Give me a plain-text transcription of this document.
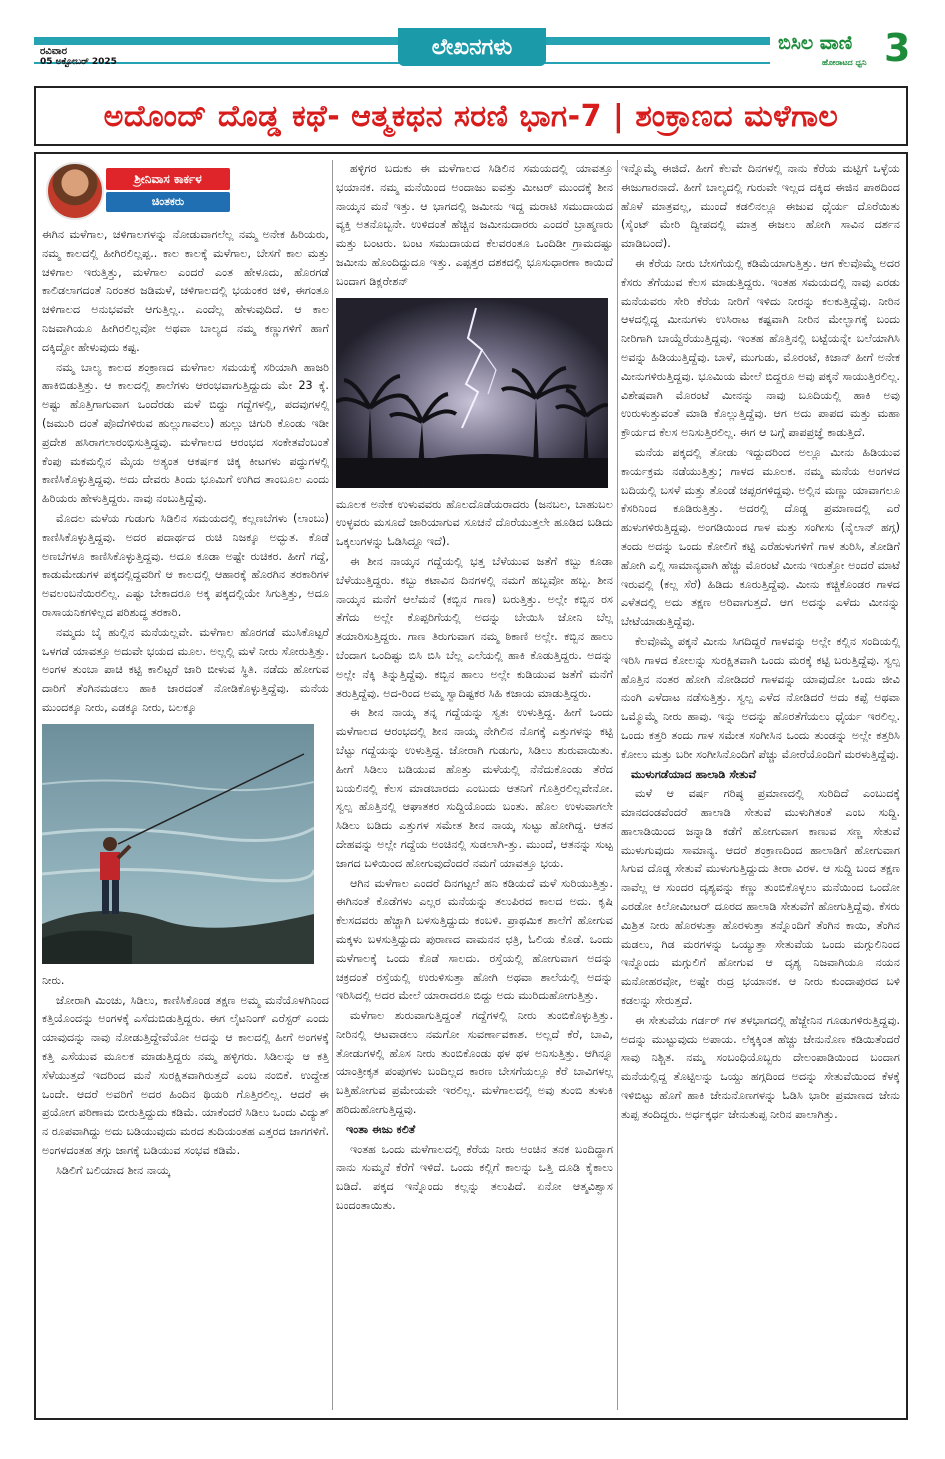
ರವಿವಾರ
05 ಅಕ್ಟೋಬರ್ 2025
ಲೇಖನಗಳು	ಬಿಸಿಲ ವಾಣಿ
ಹೋರಾಟದ ಧ್ವನಿ 3
ಅದೊಂದ್ ದೊಡ್ಡ ಕಥೆ- ಆತ್ಮಕಥನ ಸರಣಿ ಭಾಗ-7 | ಶಂಕ್ರಾಣದ ಮಳೆಗಾಲ
ಶ್ರೀನಿವಾಸ ಕಾರ್ಕಳ
ಚಿಂತಕರು

ಈಗಿನ ಮಳೆಗಾಲ, ಚಳಿಗಾಲಗಳನ್ನು ನೋಡುವಾಗಲೆಲ್ಲ ನಮ್ಮ ಅನೇಕ ಹಿರಿಯರು, ನಮ್ಮ ಕಾಲದಲ್ಲಿ ಹೀಗಿರಲಿಲ್ಲಪ್ಪ.. ಕಾಲ ಕಾಲಕ್ಕೆ ಮಳೆಗಾಲ, ಬೇಸಗೆ ಕಾಲ ಮತ್ತು ಚಳಿಗಾಲ ಇರುತ್ತಿತ್ತು, ಮಳೆಗಾಲ ಎಂದರೆ ಎಂತ ಹೇಳೂದು, ಹೊರಗಡೆ ಕಾಲಿಡಲಾಗದಂತೆ ನಿರಂತರ ಜಡಿಮಳೆ, ಚಳಿಗಾಲದಲ್ಲಿ ಭಯಂಕರ ಚಳಿ, ಈಗಂತೂ ಚಳಿಗಾಲದ ಅನುಭವವೇ ಆಗುತ್ತಿಲ್ಲ.. ಎಂದೆಲ್ಲ ಹೇಳುವುದಿದೆ. ಆ ಕಾಲ ನಿಜವಾಗಿಯೂ ಹೀಗಿರಲಿಲ್ಲವೋ ಅಥವಾ ಬಾಲ್ಯದ ನಮ್ಮ ಕಣ್ಣುಗಳಿಗೆ ಹಾಗೆ ದಕ್ಕಿದ್ದೋ ಹೇಳುವುದು ಕಷ್ಟ.

ನಮ್ಮ ಬಾಲ್ಯ ಕಾಲದ ಶಂಕ್ರಾಣದ ಮಳೆಗಾಲ ಸಮಯಕ್ಕೆ ಸರಿಯಾಗಿ ಹಾಜರಿ ಹಾಕಿಬಿಡುತ್ತಿತ್ತು. ಆ ಕಾಲದಲ್ಲಿ ಶಾಲೆಗಳು ಆರಂಭವಾಗುತ್ತಿದ್ದುದು ಮೇ 23 ಕ್ಕೆ. ಅಷ್ಟು ಹೊತ್ತಿಗಾಗುವಾಗ ಒಂದೆರಡು ಮಳೆ ಬಿದ್ದು ಗದ್ದೆಗಳಲ್ಲಿ, ಪದವುಗಳಲ್ಲಿ (ಜಮುರಿ ದಂತೆ ಪೊದೆಗಳಿರುವ ಹುಲ್ಲುಗಾವಲು) ಹುಲ್ಲು ಚಿಗುರಿ ಕೊಂಡು ಇಡೀ ಪ್ರದೇಶ ಹಸಿರಾಗಲಾರಂಭಿಸುತ್ತಿದ್ದವು. ಮಳೆಗಾಲದ ಆರಂಭದ ಸಂಕೇತವೆಂಬಂತೆ ಕೆಂಪು ಮಕಮಲ್ಲಿನ ಮೈಯ ಅತ್ಯಂತ ಆಕರ್ಷಕ ಚಿಕ್ಕ ಕೀಟಗಳು ಪದ್ಧುಗಳಲ್ಲಿ ಕಾಣಿಸಿಕೊಳ್ಳುತ್ತಿದ್ದವು. ಅದು ದೇವರು ತಿಂದು ಭೂಮಿಗೆ ಉಗಿದ ತಾಂಬೂಲ ಎಂದು ಹಿರಿಯರು ಹೇಳುತ್ತಿದ್ದರು. ನಾವು ನಂಬುತ್ತಿದ್ದೆವು.

ಮೊದಲ ಮಳೆಯ ಗುಡುಗು ಸಿಡಿಲಿನ ಸಮಯದಲ್ಲಿ ಕಲ್ಲಣಬೆಗಳು (ಲಾಂಬು) ಕಾಣಿಸಿಕೊಳ್ಳುತ್ತಿದ್ದವು. ಅದರ ಪದಾರ್ಥದ ರುಚಿ ನಿಜಕ್ಕೂ ಅದ್ಭುತ. ಕೊಡೆ ಅಣಬೆಗಳೂ ಕಾಣಿಸಿಕೊಳ್ಳುತ್ತಿದ್ದವು. ಅದೂ ಕೂಡಾ ಅಷ್ಟೇ ರುಚಿಕರ. ಹೀಗೆ ಗದ್ದೆ, ಕಾಡುಮೇಡುಗಳ ಪಕ್ಕದಲ್ಲಿದ್ದವರಿಗೆ ಆ ಕಾಲದಲ್ಲಿ ಆಹಾರಕ್ಕೆ ಹೊರಗಿನ ತರಕಾರಿಗಳ ಅವಲಂಬನೆಯಿರಲಿಲ್ಲ. ಎಷ್ಟು ಬೇಕಾದರೂ ಅಕ್ಕ ಪಕ್ಕದಲ್ಲಿಯೇ ಸಿಗುತ್ತಿತ್ತು, ಅದೂ ರಾಸಾಯನಿಕಗಳಿಲ್ಲದ ಪರಿಶುದ್ಧ ತರಕಾರಿ.

ನಮ್ಮದು ಬೈ ಹುಲ್ಲಿನ ಮನೆಯಲ್ಲವೇ. ಮಳೆಗಾಲ ಹೊರಗಡೆ ಮುಸಿಕೊಟ್ಟರೆ ಒಳಗಡೆ ಯಾವತ್ತೂ ಅದುವೇ ಭಯದ ಮೂಲ. ಅಲ್ಲಲ್ಲಿ ಮಳೆ ನೀರು ಸೋರುತ್ತಿತ್ತು. ಅಂಗಳ ತುಂಬಾ ಪಾಚಿ ಕಟ್ಟಿ ಕಾಲಿಟ್ಟರೆ ಜಾರಿ ಬೀಳುವ ಸ್ಥಿತಿ. ನಡೆದು ಹೋಗುವ ದಾರಿಗೆ ತೆಂಗಿನಮಡಲು ಹಾಕಿ ಜಾರದಂತೆ ನೋಡಿಕೊಳ್ಳುತ್ತಿದ್ದೆವು. ಮನೆಯ ಮುಂದಕ್ಕೂ ನೀರು, ಎಡಕ್ಕೂ ನೀರು, ಬಲಕ್ಕೂ

ನೀರು.

ಜೋರಾಗಿ ಮಿಂಚು, ಸಿಡಿಲು, ಕಾಣಿಸಿಕೊಂಡ ತಕ್ಷಣ ಅಮ್ಮ ಮನೆಯೊಳಗಿನಿಂದ ಕತ್ತಿಯೊಂದನ್ನು ಅಂಗಳಕ್ಕೆ ಎಸೆದುಬಿಡುತ್ತಿದ್ದರು. ಈಗ ಲೈಟನಿಂಗ್ ಎರೆಸ್ಟರ್ ಎಂದು ಯಾವುದನ್ನು ನಾವು ನೋಡುತ್ತಿದ್ದೇವೆಯೋ ಅದನ್ನು ಆ ಕಾಲದಲ್ಲಿ ಹೀಗೆ ಅಂಗಳಕ್ಕೆ ಕತ್ತಿ ಎಸೆಯುವ ಮೂಲಕ ಮಾಡುತ್ತಿದ್ದರು ನಮ್ಮ ಹಳ್ಳಿಗರು. ಸಿಡಿಲನ್ನು ಆ ಕತ್ತಿ ಸೆಳೆಯುತ್ತದೆ ಇದರಿಂದ ಮನೆ ಸುರಕ್ಷಿತವಾಗಿರುತ್ತದೆ ಎಂಬ ನಂಬಿಕೆ. ಉದ್ದೇಶ ಒಂದೇ. ಆದರೆ ಅವರಿಗೆ ಅದರ ಹಿಂದಿನ ಥಿಯರಿ ಗೊತ್ತಿರಲಿಲ್ಲ. ಆದರೆ ಈ ಪ್ರಯೋಗ ಪರಿಣಾಮ ಬೀರುತ್ತಿದ್ದುದು ಕಡಿಮೆ. ಯಾಕೆಂದರೆ ಸಿಡಿಲು ಒಂದು ವಿದ್ಯುತ್ ನ ರೂಪವಾಗಿದ್ದು ಅದು ಬಡಿಯುವುದು ಮರದ ತುದಿಯಂತಹ ಎತ್ತರದ ಜಾಗಗಳಿಗೆ. ಅಂಗಳದಂತಹ ತಗ್ಗು ಜಾಗಕ್ಕೆ ಬಡಿಯುವ ಸಂಭವ ಕಡಿಮೆ.

ಸಿಡಿಲಿಗೆ ಬಲಿಯಾದ ಶೀನ ನಾಯ್ಕ

ಹಳ್ಳಿಗರ ಬದುಕು ಈ ಮಳೆಗಾಲದ ಸಿಡಿಲಿನ ಸಮಯದಲ್ಲಿ ಯಾವತ್ತೂ ಭಯಾನಕ. ನಮ್ಮ ಮನೆಯಿಂದ ಅಂದಾಜು ಐವತ್ತು ಮೀಟರ್ ಮುಂದಕ್ಕೆ ಶೀನ ನಾಯ್ಕನ ಮನೆ ಇತ್ತು. ಆ ಭಾಗದಲ್ಲಿ ಜಮೀನು ಇದ್ದ ಮರಾಟಿ ಸಮುದಾಯದ ವ್ಯಕ್ತಿ ಅತನೊಬ್ಬನೇ. ಉಳಿದಂತೆ ಹೆಚ್ಚಿನ ಜಮೀನುದಾರರು ಎಂದರೆ ಬ್ರಾಹ್ಮಣರು ಮತ್ತು ಬಂಟರು. ಬಂಟ ಸಮುದಾಯದ ಕೆಲವರಂತೂ ಒಂದಿಡೀ ಗ್ರಾಮದಷ್ಟು ಜಮೀನು ಹೊಂದಿದ್ದುದೂ ಇತ್ತು. ಎಪ್ಪತ್ತರ ದಶಕದಲ್ಲಿ ಭೂಸುಧಾರಣಾ ಕಾಯಿದೆ ಬಂದಾಗ ಡಿಕ್ಲರೇಶನ್

ಮೂಲಕ ಅನೇಕ ಉಳುವವರು ಹೊಲದೊಡೆಯರಾದರು (ಜನಬಲ, ಬಾಹುಬಲ ಉಳ್ಳವರು ಮಸೂದೆ ಜಾರಿಯಾಗುವ ಸೂಚನೆ ದೊರೆಯುತ್ತಲೇ ಹೂಡಿದ ಬಡಿದು ಒಕ್ಕಲುಗಳನ್ನು ಓಡಿಸಿದ್ದೂ ಇದೆ).

ಈ ಶೀನ ನಾಯ್ಕನ ಗದ್ದೆಯಲ್ಲಿ ಭತ್ತ ಬೆಳೆಯುವ ಜತೆಗೆ ಕಬ್ಬು ಕೂಡಾ ಬೆಳೆಯುತ್ತಿದ್ದರು. ಕಬ್ಬು ಕಟಾವಿನ ದಿನಗಳಲ್ಲಿ ನಮಗೆ ಹಬ್ಬವೋ ಹಬ್ಬ. ಶೀನ ನಾಯ್ಕನ ಮನೆಗೆ ಆಲೆಮನೆ (ಕಬ್ಬಿನ ಗಾಣ) ಬರುತ್ತಿತ್ತು. ಅಲ್ಲೇ ಕಬ್ಬಿನ ರಸ ತೆಗೆದು ಅಲ್ಲೇ ಕೊಪ್ಪರಿಗೆಯಲ್ಲಿ ಅದನ್ನು ಬೇಯಿಸಿ ಜೋನಿ ಬೆಲ್ಲ ತಯಾರಿಸುತ್ತಿದ್ದರು. ಗಾಣ ತಿರುಗುವಾಗ ನಮ್ಮ ಠಿಕಾಣಿ ಅಲ್ಲೇ. ಕಬ್ಬಿನ ಹಾಲು ಬೆಂದಾಗ ಒಂದಿಷ್ಟು ಬಿಸಿ ಬಿಸಿ ಬೆಲ್ಲ ಎಲೆಯಲ್ಲಿ ಹಾಕಿ ಕೊಡುತ್ತಿದ್ದರು. ಅದನ್ನು ಅಲ್ಲೇ ನೆಕ್ಕಿ ತಿನ್ನುತ್ತಿದ್ದೆವು. ಕಬ್ಬಿನ ಹಾಲು ಅಲ್ಲೇ ಕುಡಿಯುವ ಜತೆಗೆ ಮನೆಗೆ ತರುತ್ತಿದ್ದೆವು. ಅದ-ರಿಂದ ಅಮ್ಮ ಸ್ವಾದಿಷ್ಟಕರ ಸಿಹಿ ಕಜಾಯ ಮಾಡುತ್ತಿದ್ದರು.

ಈ ಶೀನ ನಾಯ್ಕ ತನ್ನ ಗದ್ದೆಯನ್ನು ಸ್ವತಃ ಉಳುತ್ತಿದ್ದ. ಹೀಗೆ ಒಂದು ಮಳೆಗಾಲದ ಆರಂಭದಲ್ಲಿ ಶೀನ ನಾಯ್ಕ ನೇಗಿಲಿನ ನೊಗಕ್ಕೆ ಎತ್ತುಗಳನ್ನು ಕಟ್ಟಿ ಬೆಟ್ಟು ಗದ್ದೆಯನ್ನು ಉಳುತ್ತಿದ್ದ. ಜೋರಾಗಿ ಗುಡುಗು, ಸಿಡಿಲು ಶುರುವಾಯಿತು. ಹೀಗೆ ಸಿಡಿಲು ಬಡಿಯುವ ಹೊತ್ತು ಮಳೆಯಲ್ಲಿ ನೆನೆದುಕೊಂಡು ತೆರೆದ ಬಯಲಿನಲ್ಲಿ ಕೆಲಸ ಮಾಡಬಾರದು ಎಂಬುದು ಆತನಿಗೆ ಗೊತ್ತಿರಲಿಲ್ಲವೇನೋ. ಸ್ವಲ್ಪ ಹೊತ್ತಿನಲ್ಲಿ ಆಘಾತಕರ ಸುದ್ದಿಯೊಂದು ಬಂತು. ಹೊಲ ಉಳುವಾಗಲೇ ಸಿಡಿಲು ಬಡಿದು ಎತ್ತುಗಳ ಸಮೇತ ಶೀನ ನಾಯ್ಕ ಸುಟ್ಟು ಹೋಗಿದ್ದ. ಆತನ ದೇಹವನ್ನು ಅಲ್ಲೇ ಗದ್ದೆಯ ಅಂಚಿನಲ್ಲಿ ಸುಡಲಾಗಿ-ತ್ತು. ಮುಂದೆ, ಆತನನ್ನು ಸುಟ್ಟ ಜಾಗದ ಬಳಿಯಿಂದ ಹೋಗುವುದೆಂದರೆ ನಮಗೆ ಯಾವತ್ತೂ ಭಯ.

ಆಗಿನ ಮಳೆಗಾಲ ಎಂದರೆ ದಿನಗಟ್ಟಲೆ ಹನಿ ಕಡಿಯದೆ ಮಳೆ ಸುರಿಯುತ್ತಿತ್ತು. ಈಗಿನಂತೆ ಕೊಡೆಗಳು ಎಲ್ಲರ ಮನೆಯನ್ನು ತಲುಪಿರದ ಕಾಲದ ಅದು. ಕೃಷಿ ಕೆಲಸದವರು ಹೆಚ್ಚಾಗಿ ಬಳಸುತ್ತಿದ್ದುದು ಕಂಬಳಿ. ಪ್ರಾಥಮಿಕ ಶಾಲೆಗೆ ಹೋಗುವ ಮಕ್ಕಳು ಬಳಸುತ್ತಿದ್ದುದು ಪುರಾಣದ ವಾಮನನ ಛತ್ರಿ, ಓಲಿಯ ಕೊಡೆ. ಒಂದು ಮಳೆಗಾಲಕ್ಕೆ ಒಂದು ಕೊಡೆ ಸಾಲದು. ರಸ್ತೆಯಲ್ಲಿ ಹೋಗುವಾಗ ಅದನ್ನು ಚಕ್ರದಂತೆ ರಸ್ತೆಯಲ್ಲಿ ಉರುಳಿಸುತ್ತಾ ಹೋಗಿ ಅಥವಾ ಶಾಲೆಯಲ್ಲಿ ಅದನ್ನು ಇರಿಸಿದಲ್ಲಿ ಅದರ ಮೇಲೆ ಯಾರಾದರೂ ಬಿದ್ದು ಅದು ಮುರಿದುಹೋಗುತ್ತಿತ್ತು.

ಮಳೆಗಾಲ ಶುರುವಾಗುತ್ತಿದ್ದಂತೆ ಗದ್ದೆಗಳಲ್ಲಿ ನೀರು ತುಂಬಿಕೊಳ್ಳುತ್ತಿತ್ತು. ನೀರಿನಲ್ಲಿ ಆಟವಾಡಲು ನಮಗೋ ಸುವರ್ಣಾವಕಾಶ. ಅಲ್ಲದೆ ಕೆರೆ, ಬಾವಿ, ತೋಡುಗಳಲ್ಲಿ ಹೊಸ ನೀರು ತುಂಬಿಕೊಂಡು ಥಳ ಥಳ ಅನಿಸುತ್ತಿತ್ತು. ಆಗಿನ್ನೂ ಯಾಂತ್ರೀಕೃತ ಪಂಪುಗಳು ಬಂದಿಲ್ಲದ ಕಾರಣ ಬೇಸಗೆಯಲ್ಲೂ ಕೆರೆ ಬಾವಿಗಳಲ್ಲ ಬತ್ತಿಹೋಗುವ ಪ್ರಮೇಯವೇ ಇರಲಿಲ್ಲ. ಮಳೆಗಾಲದಲ್ಲಿ ಅವು ತುಂಬಿ ತುಳುಕಿ ಹರಿದುಹೋಗುತ್ತಿದ್ದವು.

ಇಂತಾ ಈಜು ಕಲಿತೆ

ಇಂತಹ ಒಂದು ಮಳೆಗಾಲದಲ್ಲಿ ಕೆರೆಯ ನೀರು ಅಂಚಿನ ತನಕ ಬಂದಿದ್ದಾಗ ನಾನು ಸುಮ್ಮನೆ ಕೆರೆಗೆ ಇಳಿದೆ. ಒಂದು ಕಲ್ಲಿಗೆ ಕಾಲನ್ನು ಒತ್ತಿ ದೂಡಿ ಕೈಕಾಲು ಬಡಿದೆ. ಪಕ್ಕದ ಇನ್ನೊಂದು ಕಲ್ಲನ್ನು ತಲುಪಿದೆ. ಏನೋ ಆತ್ಮವಿಶ್ವಾಸ ಬಂದಂತಾಯಿತು.

ಇನ್ನೊಮ್ಮೆ ಈಜಿದೆ. ಹೀಗೆ ಕೆಲವೇ ದಿನಗಳಲ್ಲಿ ನಾನು ಕೆರೆಯ ಮಟ್ಟಿಗೆ ಒಳ್ಳೆಯ ಈಜುಗಾರನಾದೆ. ಹೀಗೆ ಬಾಲ್ಯದಲ್ಲಿ ಗುರುವೇ ಇಲ್ಲದ ದಕ್ಕಿದ ಈಜಿನ ಪಾಠದಿಂದ ಹೊಳೆ ಮಾತ್ರವಲ್ಲ, ಮುಂದೆ ಕಡಲಿನಲ್ಲೂ ಈಜುವ ಧೈರ್ಯ ದೊರೆಯಿತು (ಸೈಂಟ್ ಮೇರಿ ದ್ವೀಪದಲ್ಲಿ ಮಾತ್ರ ಈಜಲು ಹೋಗಿ ಸಾವಿನ ದರ್ಶನ ಮಾಡಿಬಂದೆ).

ಈ ಕೆರೆಯ ನೀರು ಬೇಸಗೆಯಲ್ಲಿ ಕಡಿಮೆಯಾಗುತ್ತಿತ್ತು. ಆಗ ಕೆಲವೊಮ್ಮೆ ಅದರ ಕೆಸರು ತೆಗೆಯುವ ಕೆಲಸ ಮಾಡುತ್ತಿದ್ದರು. ಇಂತಹ ಸಮಯದಲ್ಲಿ ನಾವು ಎರಡು ಮನೆಯವರು ಸೇರಿ ಕೆರೆಯ ನೀರಿಗೆ ಇಳಿದು ನೀರನ್ನು ಕಲಕುತ್ತಿದ್ದೆವು. ನೀರಿನ ಆಳದಲ್ಲಿದ್ದ ಮೀನುಗಳು ಉಸಿರಾಟ ಕಷ್ಟವಾಗಿ ನೀರಿನ ಮೇಲ್ಭಾಗಕ್ಕೆ ಬಂದು ನೀರಿಗಾಗಿ ಬಾಯ್ದೆರೆಯುತ್ತಿದ್ದವು. ಇಂತಹ ಹೊತ್ತಿನಲ್ಲಿ ಬಟ್ಟೆಯನ್ನೇ ಬಲೆಯಾಗಿಸಿ ಅವನ್ನು ಹಿಡಿಯುತ್ತಿದ್ದೆವು. ಬಾಳೆ, ಮುಗುಡು, ಮೊರಂಟೆ, ಕಿಜಾನ್ ಹೀಗೆ ಅನೇಕ ಮೀನುಗಳಿರುತ್ತಿದ್ದವು. ಭೂಮಿಯ ಮೇಲೆ ಬಿದ್ದರೂ ಅವು ಪಕ್ಕನೆ ಸಾಯುತ್ತಿರಲಿಲ್ಲ. ವಿಶೇಷವಾಗಿ ಮೊರಂಟೆ ಮೀನನ್ನು ನಾವು ಬೂದಿಯಲ್ಲಿ ಹಾಕಿ ಅವು ಉರುಳುತ್ತುವಂತೆ ಮಾಡಿ ಕೊಲ್ಲುತ್ತಿದ್ದೆವು. ಆಗ ಅದು ಪಾಪದ ಮತ್ತು ಮಹಾ ಕ್ರೌರ್ಯದ ಕೆಲಸ ಅನಿಸುತ್ತಿರಲಿಲ್ಲ. ಈಗ ಆ ಬಗ್ಗೆ ಪಾಪಪ್ರಜ್ಞೆ ಕಾಡುತ್ತಿದೆ.

ಮನೆಯ ಪಕ್ಕದಲ್ಲಿ ತೋಡು ಇದ್ದುದರಿಂದ ಅಲ್ಲೂ ಮೀನು ಹಿಡಿಯುವ ಕಾರ್ಯಕ್ರಮ ನಡೆಯುತ್ತಿತ್ತು; ಗಾಳದ ಮೂಲಕ. ನಮ್ಮ ಮನೆಯ ಅಂಗಳದ ಬದಿಯಲ್ಲಿ ಬಸಳೆ ಮತ್ತು ತೊಂಡೆ ಚಪ್ಪರಗಳಿದ್ದವು. ಅಲ್ಲಿನ ಮಣ್ಣು ಯಾವಾಗಲೂ ಕೆಸರಿನಿಂದ ಕೂಡಿರುತ್ತಿತ್ತು. ಅದರಲ್ಲಿ ದೊಡ್ಡ ಪ್ರಮಾಣದಲ್ಲಿ ಎರೆ ಹುಳುಗಳಿರುತ್ತಿದ್ದವು. ಅಂಗಡಿಯಿಂದ ಗಾಳ ಮತ್ತು ಸಂಗೀಸು (ನೈಲಾನ್ ಹಗ್ಗ) ತಂದು ಅದನ್ನು ಒಂದು ಕೋಲಿಗೆ ಕಟ್ಟಿ ಎರೆಹುಳುಗಳಿಗೆ ಗಾಳ ತುರಿಸಿ, ತೋಡಿಗೆ ಹೋಗಿ ಎಲ್ಲಿ ಸಾಮಾನ್ಯವಾಗಿ ಹೆಚ್ಚು ಮೊರಂಟೆ ಮೀನು ಇರುತ್ತೋ ಅಂದರೆ ಮಾಟೆ ಇರುವಲ್ಲಿ (ಕಲ್ಲ ಸೆರೆ) ಹಿಡಿದು ಕೂರುತ್ತಿದ್ದೆವು. ಮೀನು ಕಚ್ಚಿಕೊಂಡರ ಗಾಳದ ಎಳೆತದಲ್ಲಿ ಅದು ತಕ್ಷಣ ಅರಿವಾಗುತ್ತದೆ. ಆಗ ಅದನ್ನು ಎಳೆದು ಮೀನನ್ನು ಬೇಟೆಯಾಡುತ್ತಿದ್ದೆವು.

ಕೆಲವೊಮ್ಮೆ ಪಕ್ಕನೆ ಮೀನು ಸಿಗದಿದ್ದರೆ ಗಾಳವನ್ನು ಅಲ್ಲೇ ಕಲ್ಲಿನ ಸಂದಿಯಲ್ಲಿ ಇರಿಸಿ ಗಾಳದ ಕೋಲನ್ನು ಸುರಕ್ಷಿತವಾಗಿ ಒಂದು ಮರಕ್ಕೆ ಕಟ್ಟಿ ಬರುತ್ತಿದ್ದೆವು. ಸ್ವಲ್ಪ ಹೊತ್ತಿನ ನಂತರ ಹೋಗಿ ನೋಡಿದರೆ ಗಾಳವನ್ನು ಯಾವುದೋ ಒಂದು ಜೀವಿ ನುಂಗಿ ಎಳೆದಾಟ ನಡೆಸುತ್ತಿತ್ತು. ಸ್ವಲ್ಪ ಎಳೆದ ನೋಡಿದರೆ ಅದು ಕಪ್ಪೆ ಅಥವಾ ಒಮ್ಮೊಮ್ಮೆ ನೀರು ಹಾವು. ಇನ್ನು ಅದನ್ನು ಹೊರತೆಗೆಯಲು ಧೈರ್ಯ ಇರಲಿಲ್ಲ. ಒಂದು ಕತ್ತರಿ ತಂದು ಗಾಳ ಸಮೇತ ಸಂಗೀಸಿನ ಒಂದು ತುಂಡನ್ನು ಅಲ್ಲೇ ಕತ್ತರಿಸಿ ಕೋಲು ಮತ್ತು ಬರೀ ಸಂಗೀಸಿನೊಂದಿಗೆ ಪೆಚ್ಚು ಮೋರೆಯೊಂದಿಗೆ ಮರಳುತ್ತಿದ್ದೆವು.

ಮುಳುಗಡೆಯಾದ ಹಾಲಾಡಿ ಸೇತುವೆ

ಮಳೆ ಆ ವರ್ಷ ಗರಿಷ್ಠ ಪ್ರಮಾಣದಲ್ಲಿ ಸುರಿದಿದೆ ಎಂಬುದಕ್ಕೆ ಮಾನದಂಡವೆಂದರೆ ಹಾಲಾಡಿ ಸೇತುವೆ ಮುಳುಗಿತಂತೆ ಎಂಬ ಸುದ್ದಿ. ಹಾಲಾಡಿಯಿಂದ ಜನ್ನಾಡಿ ಕಡೆಗೆ ಹೋಗುವಾಗ ಕಾಣುವ ಸಣ್ಣ ಸೇತುವೆ ಮುಳುಗುವುದು ಸಾಮಾನ್ಯ. ಆದರೆ ಶಂಕ್ರಾಣದಿಂದ ಹಾಲಾಡಿಗೆ ಹೋಗುವಾಗ ಸಿಗುವ ದೊಡ್ಡ ಸೇತುವೆ ಮುಳುಗುತ್ತಿದ್ದುದು ತೀರಾ ವಿರಳ. ಆ ಸುದ್ದಿ ಬಂದ ತಕ್ಷಣ ನಾವೆಲ್ಲ ಆ ಸುಂದರ ದೃಶ್ಯವನ್ನು ಕಣ್ಣು ತುಂಬಿಕೊಳ್ಳಲು ಮನೆಯಿಂದ ಒಂದೋ ಎರಡೋ ಕಿಲೋಮೀಟರ್ ದೂರದ ಹಾಲಾಡಿ ಸೇತುವೆಗೆ ಹೋಗುತ್ತಿದ್ದೆವು. ಕೆಸರು ಮಿಶ್ರಿತ ನೀರು ಹೊರಳುತ್ತಾ ಹೊರಳುತ್ತಾ ತನ್ನೊಂದಿಗೆ ತೆಂಗಿನ ಕಾಯಿ, ತೆಂಗಿನ ಮಡಲು, ಗಿಡ ಮರಗಳನ್ನು ಒಯ್ಯುತ್ತಾ ಸೇತುವೆಯ ಒಂದು ಮಗ್ಗುಲಿನಿಂದ ಇನ್ನೊಂದು ಮಗ್ಗುಲಿಗೆ ಹೋಗುವ ಆ ದೃಶ್ಯ ನಿಜವಾಗಿಯೂ ನಯನ ಮನೋಹರವೋ, ಅಷ್ಟೇ ರುದ್ರ ಭಯಾನಕ. ಆ ನೀರು ಕುಂದಾಪುರದ ಬಳಿ ಕಡಲನ್ನು ಸೇರುತ್ತದೆ.

ಈ ಸೇತುವೆಯ ಗರ್ಡರ್ ಗಳ ತಳಭಾಗದಲ್ಲಿ ಹೆಜ್ಜೇನಿನ ಗೂಡುಗಳಿರುತ್ತಿದ್ದವು. ಅದನ್ನು ಮುಟ್ಟುವುದು ಅಪಾಯ. ಲೆಕ್ಕಕ್ಕಿಂತ ಹೆಚ್ಚು ಜೇನುನೊಣ ಕಡಿಯಿತೆಂದರೆ ಸಾವು ನಿಶ್ಚಿತ. ನಮ್ಮ ಸಂಬಂಧಿಯೊಬ್ಬರು ದೇಲಂಪಾಡಿಯಿಂದ ಬಂದಾಗ ಮನೆಯಲ್ಲಿದ್ದ ತೊಟ್ಟಿಲನ್ನು ಒಯ್ದು ಹಗ್ಗದಿಂದ ಅದನ್ನು ಸೇತುವೆಯಿಂದ ಕೆಳಕ್ಕೆ ಇಳಿಬಿಟ್ಟು ಹೊಗೆ ಹಾಕಿ ಜೇನುನೊಣಗಳನ್ನು ಓಡಿಸಿ ಭಾರೀ ಪ್ರಮಾಣದ ಜೇನು ತುಪ್ಪ ತಂದಿದ್ದರು. ಅರ್ಧಕ್ಕರ್ಧ ಜೇನುತುಪ್ಪ ನೀರಿನ ಪಾಲಾಗಿತ್ತು.
